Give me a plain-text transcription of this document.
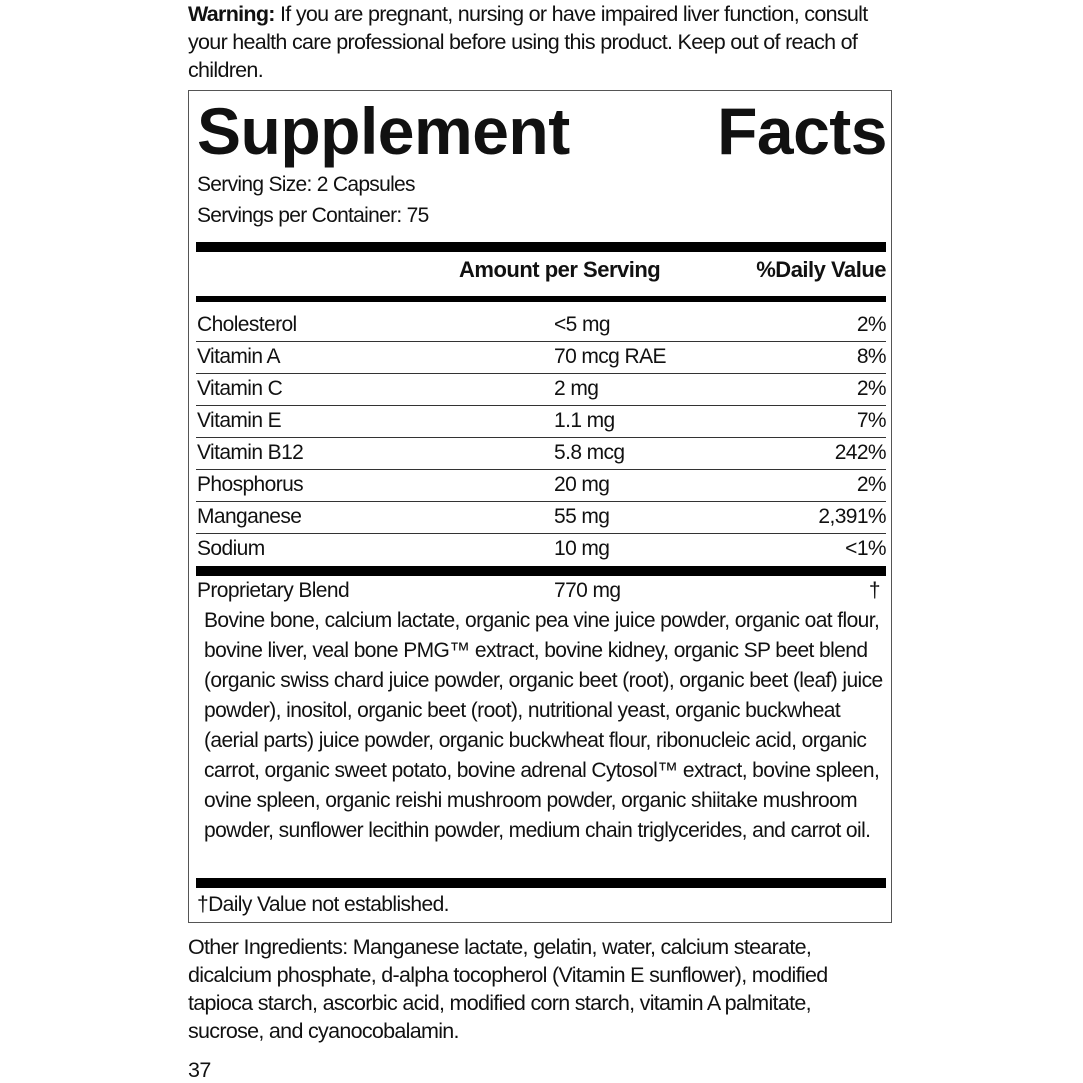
Warning: If you are pregnant, nursing or have impaired liver function, consult your health care professional before using this product. Keep out of reach of children.
Supplement Facts
Serving Size: 2 Capsules
Servings per Container: 75
Amount per Serving	%Daily Value
Cholesterol	<5 mg	2%
Vitamin A	70 mcg RAE	8%
Vitamin C	2 mg	2%
Vitamin E	1.1 mg	7%
Vitamin B12	5.8 mcg	242%
Phosphorus	20 mg	2%
Manganese	55 mg	2,391%
Sodium	10 mg	<1%
Proprietary Blend	770 mg	†
Bovine bone, calcium lactate, organic pea vine juice powder, organic oat flour, bovine liver, veal bone PMG™ extract, bovine kidney, organic SP beet blend (organic swiss chard juice powder, organic beet (root), organic beet (leaf) juice powder), inositol, organic beet (root), nutritional yeast, organic buckwheat (aerial parts) juice powder, organic buckwheat flour, ribonucleic acid, organic carrot, organic sweet potato, bovine adrenal Cytosol™ extract, bovine spleen, ovine spleen, organic reishi mushroom powder, organic shiitake mushroom powder, sunflower lecithin powder, medium chain triglycerides, and carrot oil.
†Daily Value not established.
Other Ingredients: Manganese lactate, gelatin, water, calcium stearate, dicalcium phosphate, d-alpha tocopherol (Vitamin E sunflower), modified tapioca starch, ascorbic acid, modified corn starch, vitamin A palmitate, sucrose, and cyanocobalamin.
37
